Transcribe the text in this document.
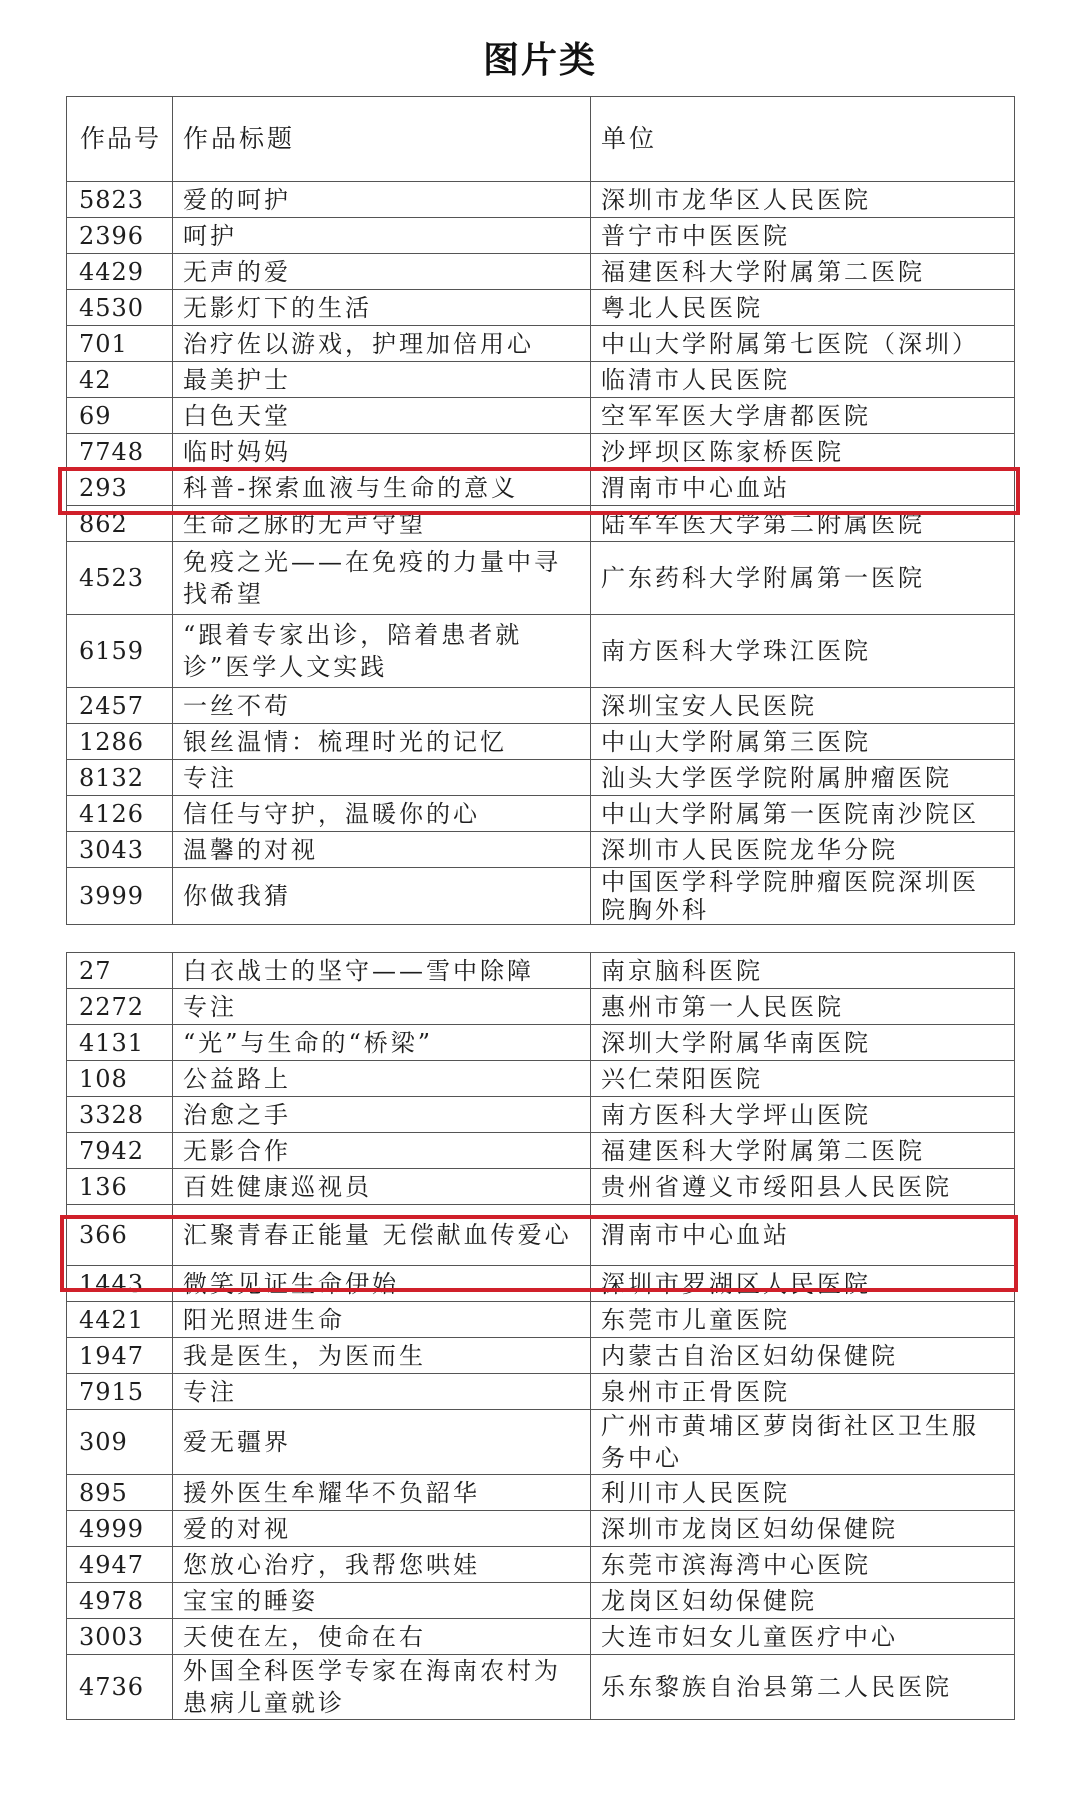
图片类
作品号	作品标题	单位
5823	爱的呵护	深圳市龙华区人民医院
2396	呵护	普宁市中医医院
4429	无声的爱	福建医科大学附属第二医院
4530	无影灯下的生活	粤北人民医院
701	治疗佐以游戏，护理加倍用心	中山大学附属第七医院（深圳）
42	最美护士	临清市人民医院
69	白色天堂	空军军医大学唐都医院
7748	临时妈妈	沙坪坝区陈家桥医院
293	科普-探索血液与生命的意义	渭南市中心血站
862	生命之脉的无声守望	陆军军医大学第二附属医院
4523	免疫之光——在免疫的力量中寻找希望	广东药科大学附属第一医院
6159	“跟着专家出诊，陪着患者就诊”医学人文实践	南方医科大学珠江医院
2457	一丝不苟	深圳宝安人民医院
1286	银丝温情：梳理时光的记忆	中山大学附属第三医院
8132	专注	汕头大学医学院附属肿瘤医院
4126	信任与守护，温暖你的心	中山大学附属第一医院南沙院区
3043	温馨的对视	深圳市人民医院龙华分院
3999	你做我猜	中国医学科学院肿瘤医院深圳医院胸外科
27	白衣战士的坚守——雪中除障	南京脑科医院
2272	专注	惠州市第一人民医院
4131	“光”与生命的“桥梁”	深圳大学附属华南医院
108	公益路上	兴仁荣阳医院
3328	治愈之手	南方医科大学坪山医院
7942	无影合作	福建医科大学附属第二医院
136	百姓健康巡视员	贵州省遵义市绥阳县人民医院
366	汇聚青春正能量 无偿献血传爱心	渭南市中心血站
1443	微笑见证生命伊始	深圳市罗湖区人民医院
4421	阳光照进生命	东莞市儿童医院
1947	我是医生，为医而生	内蒙古自治区妇幼保健院
7915	专注	泉州市正骨医院
309	爱无疆界	广州市黄埔区萝岗街社区卫生服务中心
895	援外医生牟耀华不负韶华	利川市人民医院
4999	爱的对视	深圳市龙岗区妇幼保健院
4947	您放心治疗，我帮您哄娃	东莞市滨海湾中心医院
4978	宝宝的睡姿	龙岗区妇幼保健院
3003	天使在左，使命在右	大连市妇女儿童医疗中心
4736	外国全科医学专家在海南农村为患病儿童就诊	乐东黎族自治县第二人民医院
